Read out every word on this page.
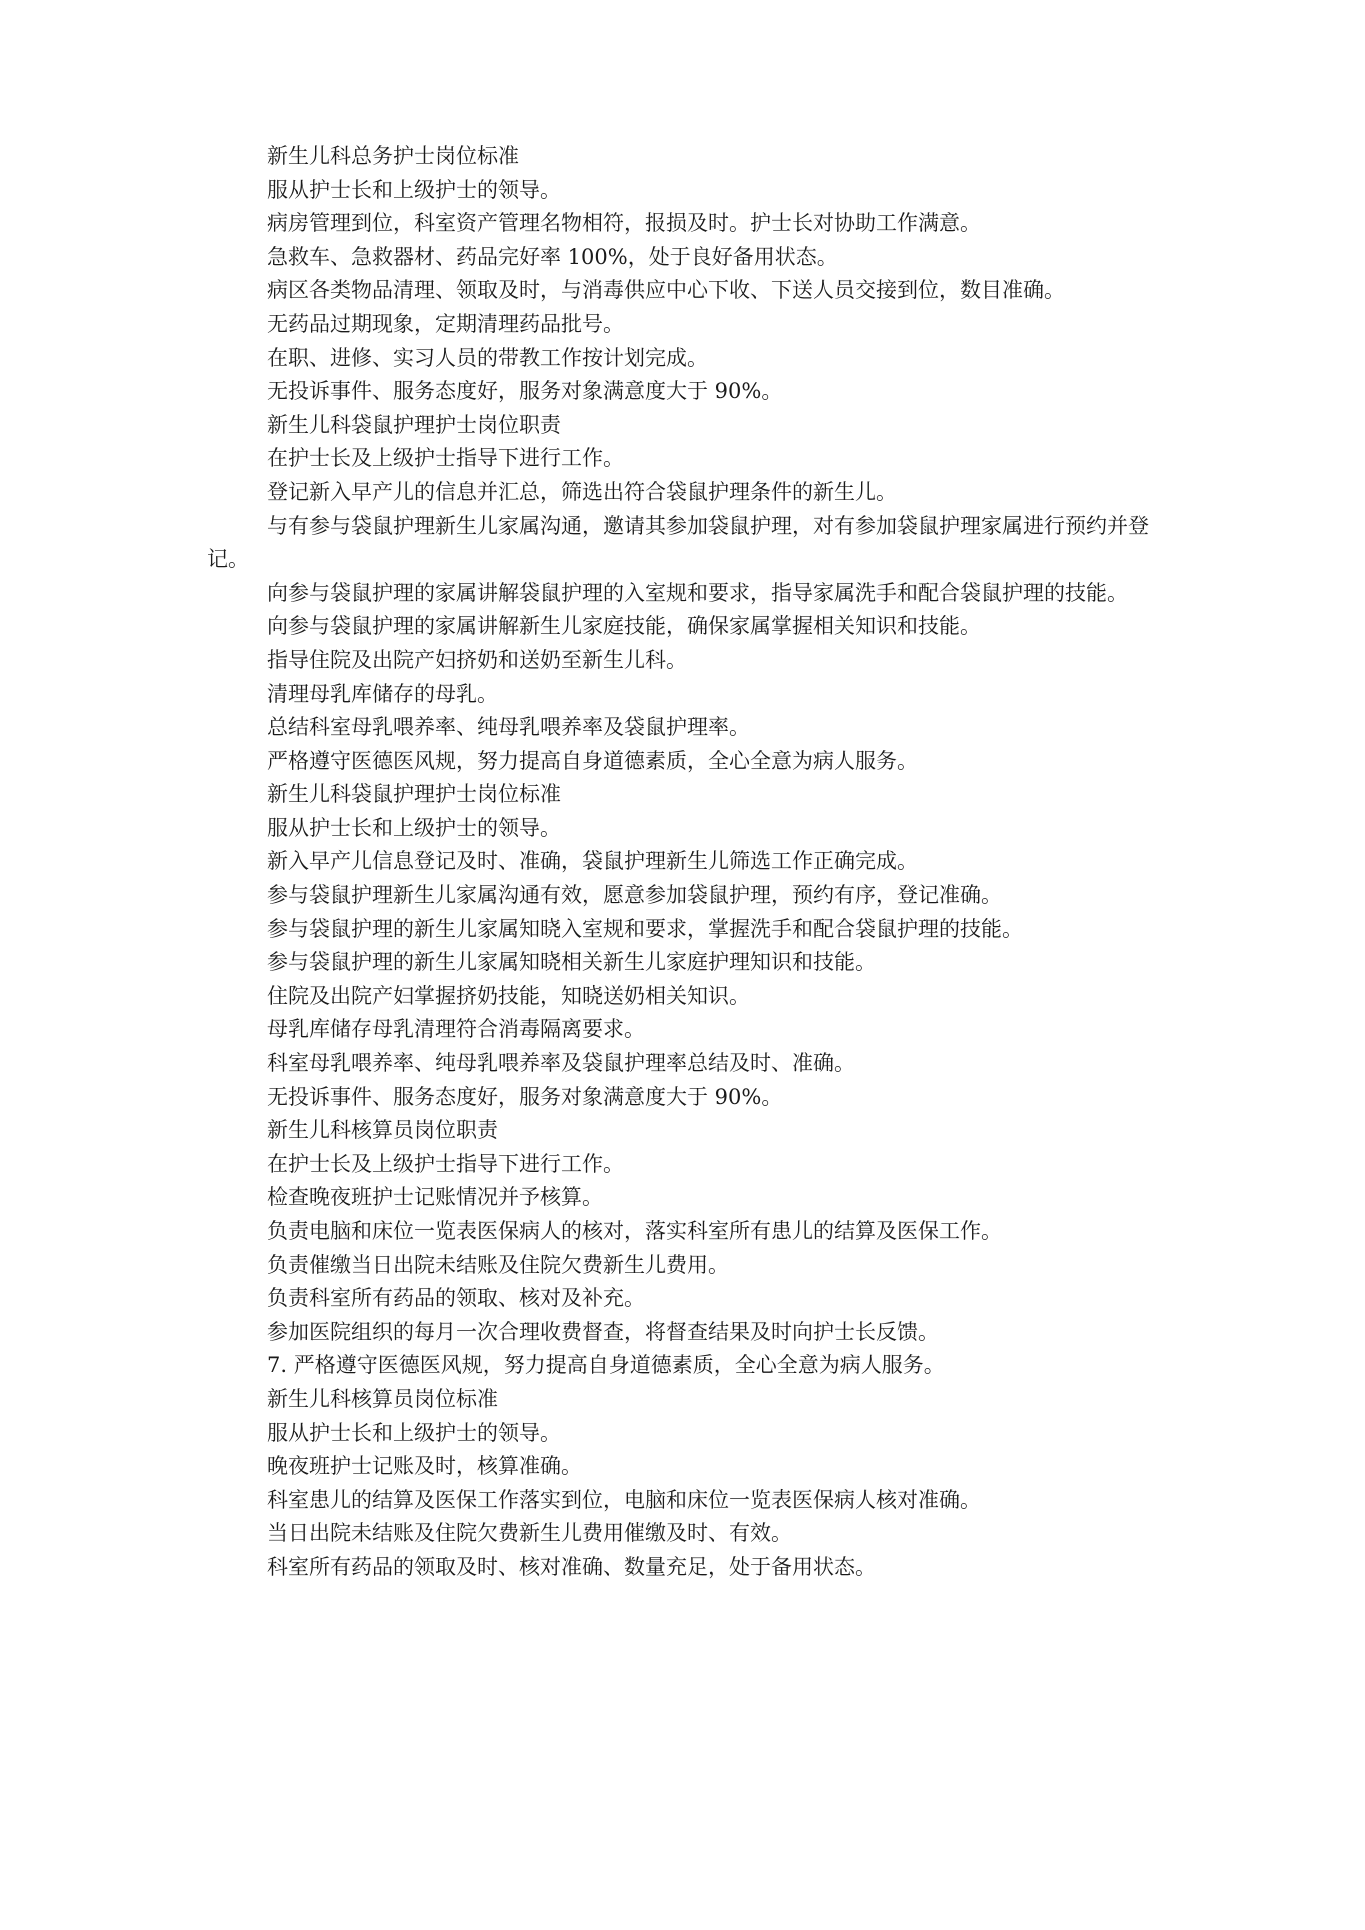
新生儿科总务护士岗位标准

服从护士长和上级护士的领导。

病房管理到位，科室资产管理名物相符，报损及时。护士长对协助工作满意。

急救车、急救器材、药品完好率 100%，处于良好备用状态。

病区各类物品清理、领取及时，与消毒供应中心下收、下送人员交接到位，数目准确。

无药品过期现象，定期清理药品批号。

在职、进修、实习人员的带教工作按计划完成。

无投诉事件、服务态度好，服务对象满意度大于 90%。

新生儿科袋鼠护理护士岗位职责

在护士长及上级护士指导下进行工作。

登记新入早产儿的信息并汇总，筛选出符合袋鼠护理条件的新生儿。

与有参与袋鼠护理新生儿家属沟通，邀请其参加袋鼠护理，对有参加袋鼠护理家属进行预约并登记。

向参与袋鼠护理的家属讲解袋鼠护理的入室规和要求，指导家属洗手和配合袋鼠护理的技能。

向参与袋鼠护理的家属讲解新生儿家庭技能，确保家属掌握相关知识和技能。

指导住院及出院产妇挤奶和送奶至新生儿科。

清理母乳库储存的母乳。

总结科室母乳喂养率、纯母乳喂养率及袋鼠护理率。

严格遵守医德医风规，努力提高自身道德素质，全心全意为病人服务。

新生儿科袋鼠护理护士岗位标准

服从护士长和上级护士的领导。

新入早产儿信息登记及时、准确，袋鼠护理新生儿筛选工作正确完成。

参与袋鼠护理新生儿家属沟通有效，愿意参加袋鼠护理，预约有序，登记准确。

参与袋鼠护理的新生儿家属知晓入室规和要求，掌握洗手和配合袋鼠护理的技能。

参与袋鼠护理的新生儿家属知晓相关新生儿家庭护理知识和技能。

住院及出院产妇掌握挤奶技能，知晓送奶相关知识。

母乳库储存母乳清理符合消毒隔离要求。

科室母乳喂养率、纯母乳喂养率及袋鼠护理率总结及时、准确。

无投诉事件、服务态度好，服务对象满意度大于 90%。

新生儿科核算员岗位职责

在护士长及上级护士指导下进行工作。

检查晚夜班护士记账情况并予核算。

负责电脑和床位一览表医保病人的核对，落实科室所有患儿的结算及医保工作。

负责催缴当日出院未结账及住院欠费新生儿费用。

负责科室所有药品的领取、核对及补充。

参加医院组织的每月一次合理收费督查，将督查结果及时向护士长反馈。

7. 严格遵守医德医风规，努力提高自身道德素质，全心全意为病人服务。

新生儿科核算员岗位标准

服从护士长和上级护士的领导。

晚夜班护士记账及时，核算准确。

科室患儿的结算及医保工作落实到位，电脑和床位一览表医保病人核对准确。

当日出院未结账及住院欠费新生儿费用催缴及时、有效。

科室所有药品的领取及时、核对准确、数量充足，处于备用状态。
